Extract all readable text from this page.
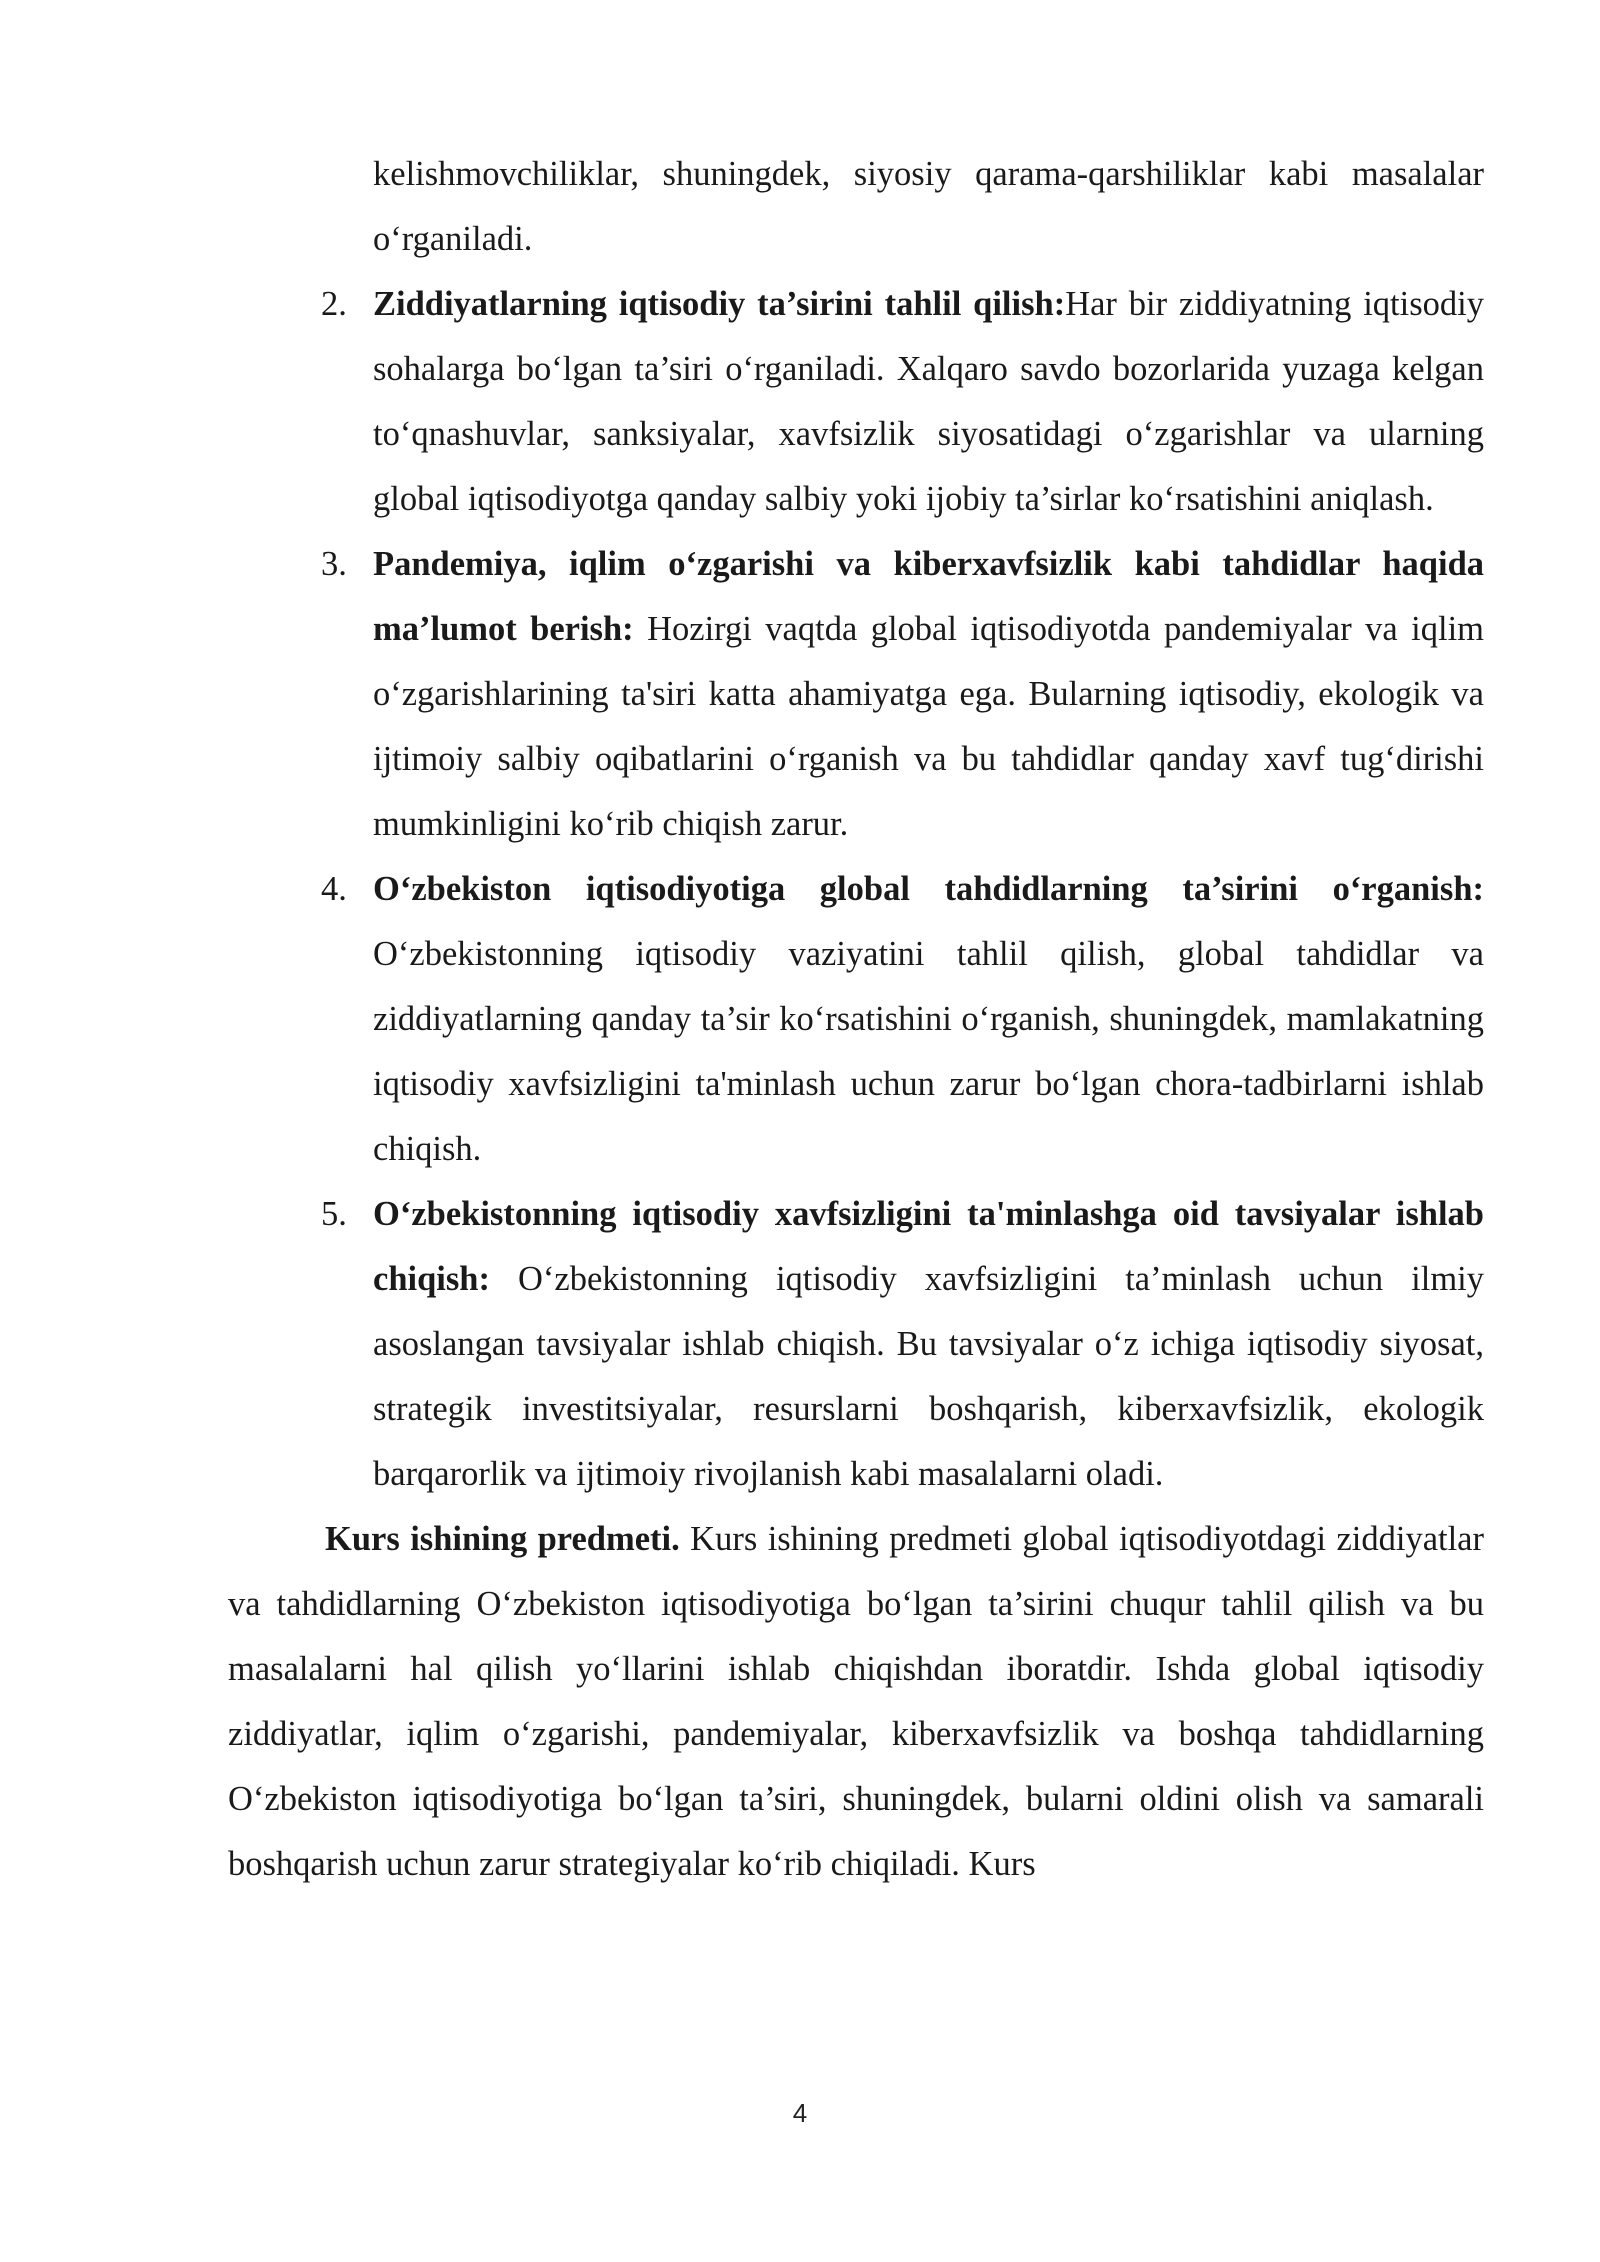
kelishmovchiliklar, shuningdek, siyosiy qarama-qarshiliklar kabi masalalar o‘rganiladi.

2. Ziddiyatlarning iqtisodiy ta’sirini tahlil qilish:Har bir ziddiyatning iqtisodiy sohalarga bo‘lgan ta’siri o‘rganiladi. Xalqaro savdo bozorlarida yuzaga kelgan to‘qnashuvlar, sanksiyalar, xavfsizlik siyosatidagi o‘zgarishlar va ularning global iqtisodiyotga qanday salbiy yoki ijobiy ta’sirlar ko‘rsatishini aniqlash.
3. Pandemiya, iqlim o‘zgarishi va kiberxavfsizlik kabi tahdidlar haqida ma’lumot berish: Hozirgi vaqtda global iqtisodiyotda pandemiyalar va iqlim o‘zgarishlarining ta'siri katta ahamiyatga ega. Bularning iqtisodiy, ekologik va ijtimoiy salbiy oqibatlarini o‘rganish va bu tahdidlar qanday xavf tug‘dirishi mumkinligini ko‘rib chiqish zarur.
4. O‘zbekiston iqtisodiyotiga global tahdidlarning ta’sirini o‘rganish: O‘zbekistonning iqtisodiy vaziyatini tahlil qilish, global tahdidlar va ziddiyatlarning qanday ta’sir ko‘rsatishini o‘rganish, shuningdek, mamlakatning iqtisodiy xavfsizligini ta'minlash uchun zarur bo‘lgan chora-tadbirlarni ishlab chiqish.
5. O‘zbekistonning iqtisodiy xavfsizligini ta'minlashga oid tavsiyalar ishlab chiqish: O‘zbekistonning iqtisodiy xavfsizligini ta’minlash uchun ilmiy asoslangan tavsiyalar ishlab chiqish. Bu tavsiyalar o‘z ichiga iqtisodiy siyosat, strategik investitsiyalar, resurslarni boshqarish, kiberxavfsizlik, ekologik barqarorlik va ijtimoiy rivojlanish kabi masalalarni oladi.

Kurs ishining predmeti. Kurs ishining predmeti global iqtisodiyotdagi ziddiyatlar va tahdidlarning O‘zbekiston iqtisodiyotiga bo‘lgan ta’sirini chuqur tahlil qilish va bu masalalarni hal qilish yo‘llarini ishlab chiqishdan iboratdir. Ishda global iqtisodiy ziddiyatlar, iqlim o‘zgarishi, pandemiyalar, kiberxavfsizlik va boshqa tahdidlarning O‘zbekiston iqtisodiyotiga bo‘lgan ta’siri, shuningdek, bularni oldini olish va samarali boshqarish uchun zarur strategiyalar ko‘rib chiqiladi. Kurs

4
